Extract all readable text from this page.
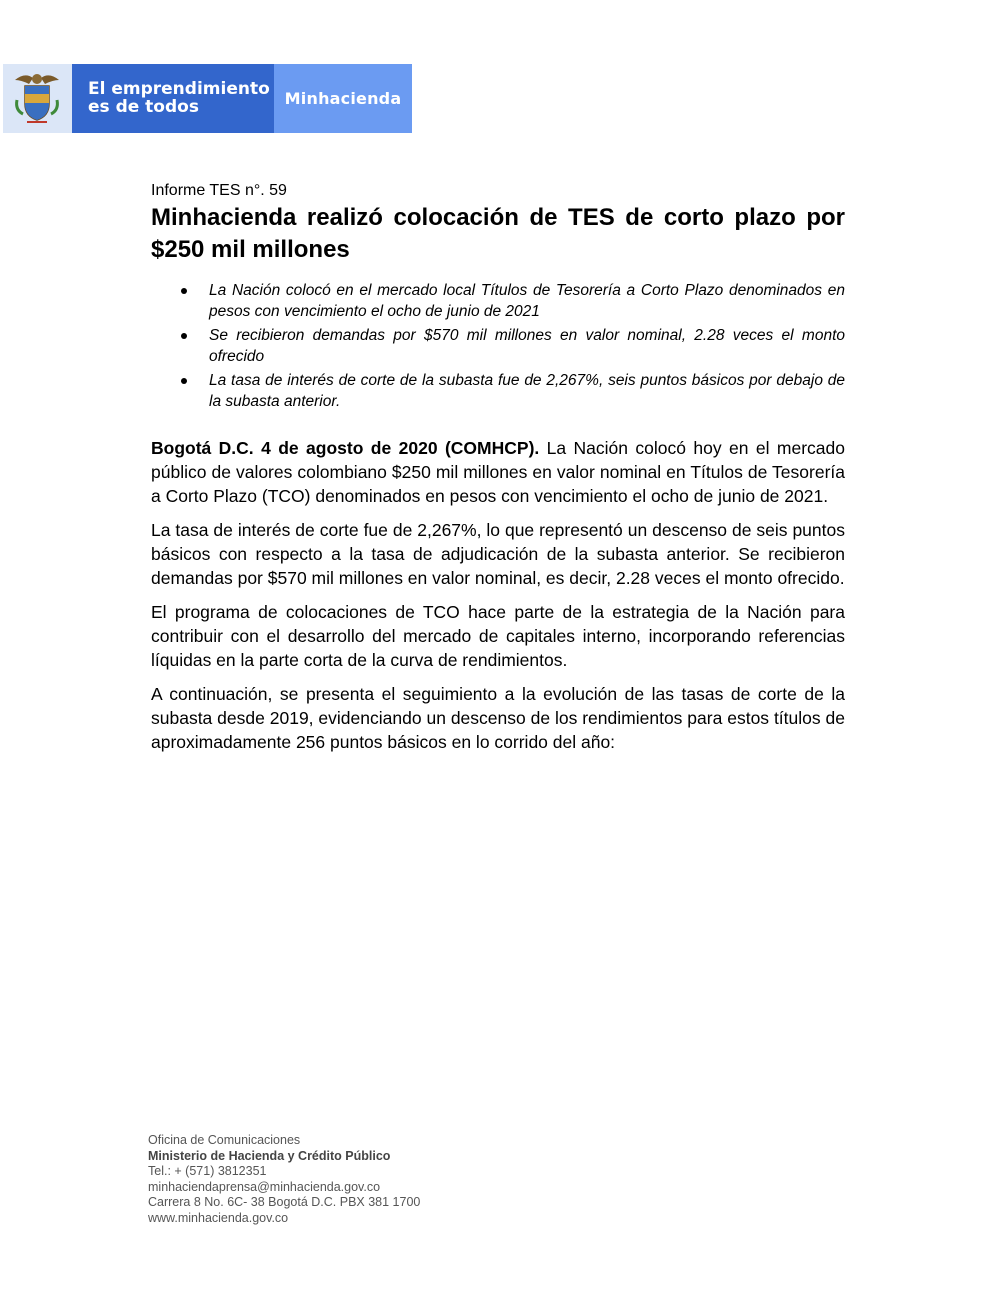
El emprendimiento
es de todos	Minhacienda

Informe TES n°. 59

Minhacienda realizó colocación de TES de corto plazo por $250 mil millones
La Nación colocó en el mercado local Títulos de Tesorería a Corto Plazo denominados en pesos con vencimiento el ocho de junio de 2021
Se recibieron demandas por $570 mil millones en valor nominal, 2.28 veces el monto ofrecido
La tasa de interés de corte de la subasta fue de 2,267%, seis puntos básicos por debajo de la subasta anterior.

Bogotá D.C. 4 de agosto de 2020 (COMHCP). La Nación colocó hoy en el mercado público de valores colombiano $250 mil millones en valor nominal en Títulos de Tesorería a Corto Plazo (TCO) denominados en pesos con vencimiento el ocho de junio de 2021.

La tasa de interés de corte fue de 2,267%, lo que representó un descenso de seis puntos básicos con respecto a la tasa de adjudicación de la subasta anterior. Se recibieron demandas por $570 mil millones en valor nominal, es decir, 2.28 veces el monto ofrecido.

El programa de colocaciones de TCO hace parte de la estrategia de la Nación para contribuir con el desarrollo del mercado de capitales interno, incorporando referencias líquidas en la parte corta de la curva de rendimientos.

A continuación, se presenta el seguimiento a la evolución de las tasas de corte de la subasta desde 2019, evidenciando un descenso de los rendimientos para estos títulos de aproximadamente 256 puntos básicos en lo corrido del año:

Oficina de Comunicaciones
Ministerio de Hacienda y Crédito Público
Tel.: + (571) 3812351
minhaciendaprensa@minhacienda.gov.co
Carrera 8 No. 6C- 38 Bogotá D.C. PBX 381 1700
www.minhacienda.gov.co
